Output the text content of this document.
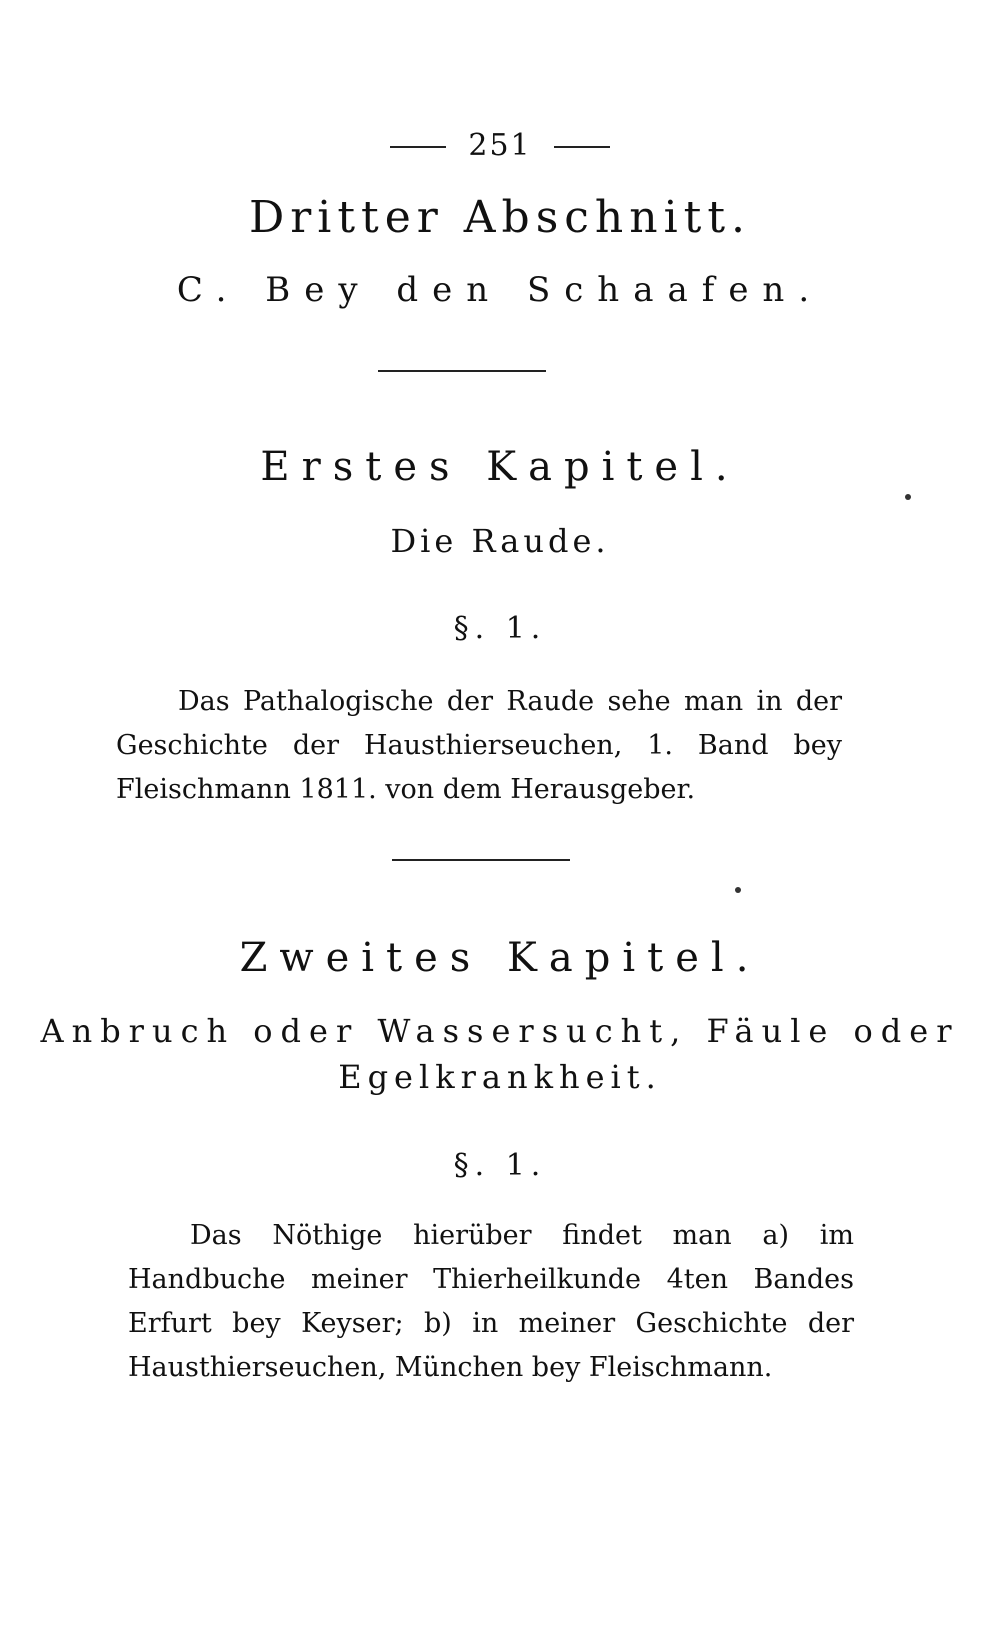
251
Dritter Abschnitt.
C. Bey den Schaafen.
Erstes Kapitel.
Die Raude.
§. 1.
Das Pathalogische der Raude sehe man in der Geschichte der Hausthierseuchen, 1. Band bey Fleischmann 1811. von dem Herausgeber.
Zweites Kapitel.
Anbruch oder Wassersucht, Fäule oder
Egelkrankheit.
§. 1.
Das Nöthige hierüber findet man a) im Handbuche meiner Thierheilkunde 4ten Bandes Erfurt bey Keyser; b) in meiner Geschichte der Hausthierseuchen, München bey Fleischmann.
